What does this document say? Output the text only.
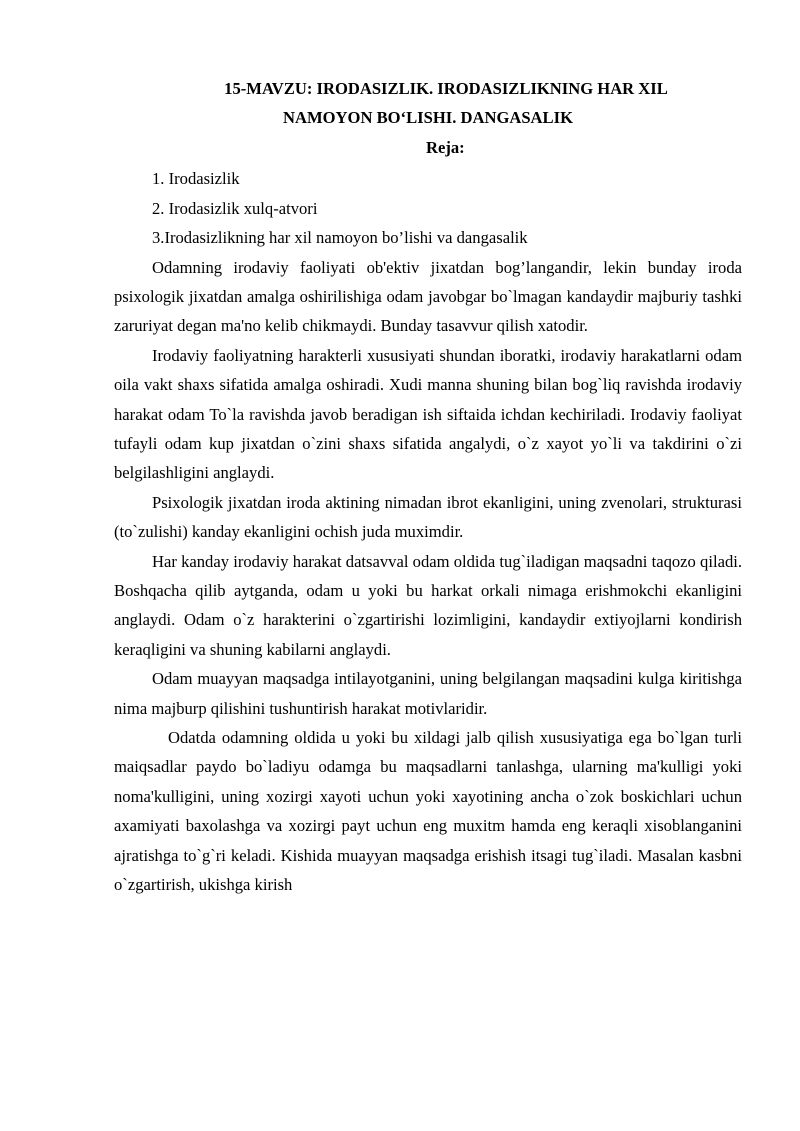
15-MAVZU: IRODASIZLIK. IRODASIZLIKNING HAR XIL
NAMOYON BO‘LISHI. DANGASALIK
Reja:
1. Irodasizlik
2. Irodasizlik xulq-atvori
3.Irodasizlikning har xil namoyon bo’lishi va dangasalik

Odamning irodaviy faoliyati ob'ektiv jixatdan bog’langandir, lekin bunday iroda psixologik jixatdan amalga oshirilishiga odam javobgar bo`lmagan kandaydir majburiy tashki zaruriyat degan ma'no kelib chikmaydi. Bunday tasavvur qilish xatodir.

Irodaviy faoliyatning harakterli xususiyati shundan iboratki, irodaviy harakatlarni odam oila vakt shaxs sifatida amalga oshiradi. Xudi manna shuning bilan bog`liq ravishda irodaviy harakat odam To`la ravishda javob beradigan ish siftaida ichdan kechiriladi. Irodaviy faoliyat tufayli odam kup jixatdan o`zini shaxs sifatida angalydi, o`z xayot yo`li va takdirini o`zi belgilashligini anglaydi.

Psixologik jixatdan iroda aktining nimadan ibrot ekanligini, uning zvenolari, strukturasi (to`zulishi) kanday ekanligini ochish juda muximdir.

Har kanday irodaviy harakat datsavval odam oldida tug`iladigan maqsadni taqozo qiladi. Boshqacha qilib aytganda, odam u yoki bu harkat orkali nimaga erishmokchi ekanligini anglaydi. Odam o`z harakterini o`zgartirishi lozimligini, kandaydir extiyojlarni kondirish keraqligini va shuning kabilarni anglaydi.

Odam muayyan maqsadga intilayotganini, uning belgilangan maqsadini kulga kiritishga nima majburp qilishini tushuntirish harakat motivlaridir.

Odatda odamning oldida u yoki bu xildagi jalb qilish xususiyatiga ega bo`lgan turli maiqsadlar paydo bo`ladiyu odamga bu maqsadlarni tanlashga, ularning ma'kulligi yoki noma'kulligini, uning xozirgi xayoti uchun yoki xayotining ancha o`zok boskichlari uchun axamiyati baxolashga va xozirgi payt uchun eng muxitm hamda eng keraqli xisoblanganini ajratishga to`g`ri keladi. Kishida muayyan maqsadga erishish itsagi tug`iladi. Masalan kasbni o`zgartirish, ukishga kirish
